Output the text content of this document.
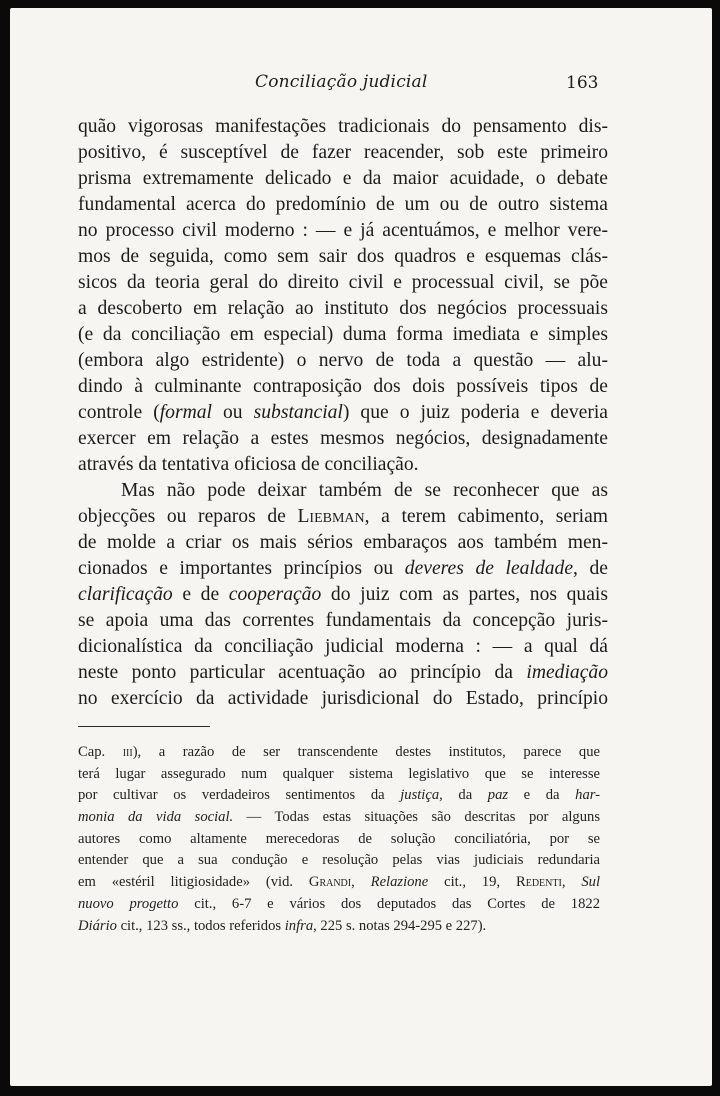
Conciliação judicial	163
quão vigorosas manifestações tradicionais do pensamento dis-
positivo, é susceptível de fazer reacender, sob este primeiro
prisma extremamente delicado e da maior acuidade, o debate
fundamental acerca do predomínio de um ou de outro sistema
no processo civil moderno : — e já acentuámos, e melhor vere-
mos de seguida, como sem sair dos quadros e esquemas clás-
sicos da teoria geral do direito civil e processual civil, se põe
a descoberto em relação ao instituto dos negócios processuais
(e da conciliação em especial) duma forma imediata e simples
(embora algo estridente) o nervo de toda a questão — alu-
dindo à culminante contraposição dos dois possíveis tipos de
controle (formal ou substancial) que o juiz poderia e deveria
exercer em relação a estes mesmos negócios, designadamente
através da tentativa oficiosa de conciliação.
Mas não pode deixar também de se reconhecer que as
objecções ou reparos de Liebman, a terem cabimento, seriam
de molde a criar os mais sérios embaraços aos também men-
cionados e importantes princípios ou deveres de lealdade, de
clarificação e de cooperação do juiz com as partes, nos quais
se apoia uma das correntes fundamentais da concepção juris-
dicionalística da conciliação judicial moderna : — a qual dá
neste ponto particular acentuação ao princípio da imediação
no exercício da actividade jurisdicional do Estado, princípio
Cap. iii), a razão de ser transcendente destes institutos, parece que
terá lugar assegurado num qualquer sistema legislativo que se interesse
por cultivar os verdadeiros sentimentos da justiça, da paz e da har-
monia da vida social. — Todas estas situações são descritas por alguns
autores como altamente merecedoras de solução conciliatória, por se
entender que a sua condução e resolução pelas vias judiciais redundaria
em «estéril litigiosidade» (vid. Grandi, Relazione cit., 19, Redenti, Sul
nuovo progetto cit., 6-7 e vários dos deputados das Cortes de 1822
Diário cit., 123 ss., todos referidos infra, 225 s. notas 294-295 e 227).
